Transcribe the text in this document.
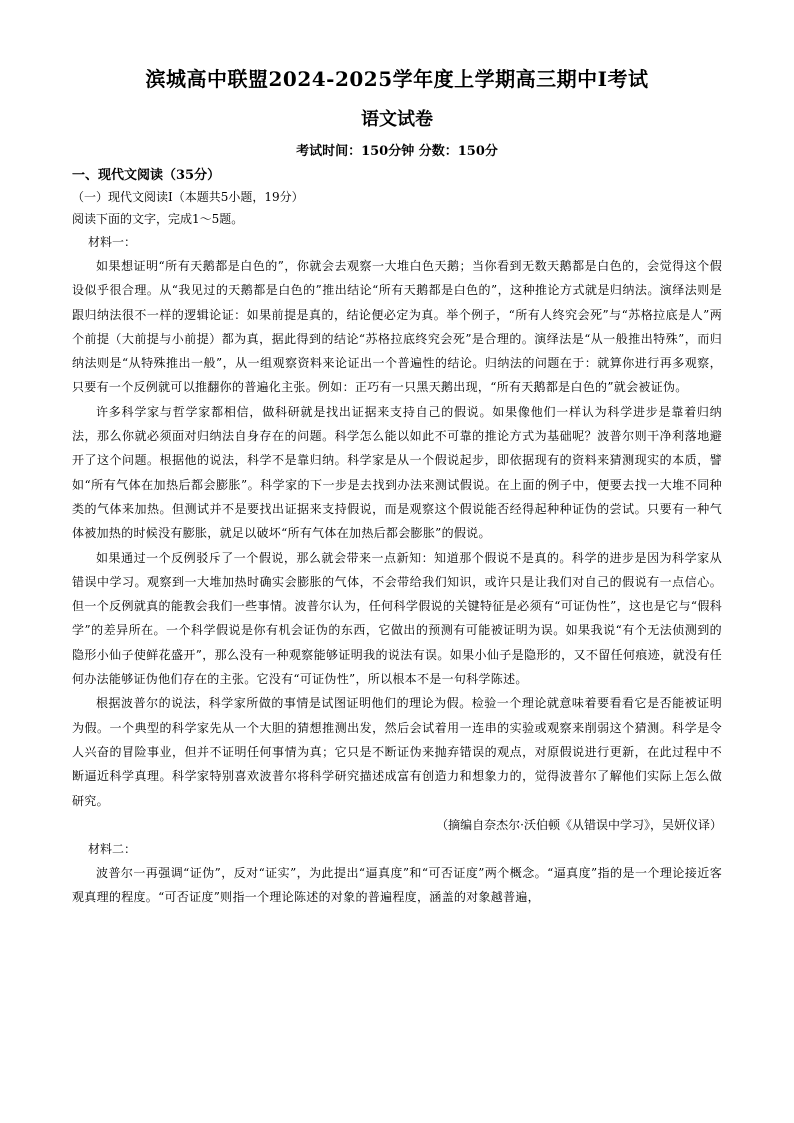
滨城高中联盟2024-2025学年度上学期高三期中Ⅰ考试
语文试卷

考试时间：150分钟 分数：150分

一、现代文阅读（35分）

（一）现代文阅读Ⅰ（本题共5小题，19分）

阅读下面的文字，完成1～5题。

材料一：

如果想证明“所有天鹅都是白色的”，你就会去观察一大堆白色天鹅；当你看到无数天鹅都是白色的，会觉得这个假设似乎很合理。从“我见过的天鹅都是白色的”推出结论“所有天鹅都是白色的”，这种推论方式就是归纳法。演绎法则是跟归纳法很不一样的逻辑论证：如果前提是真的，结论便必定为真。举个例子，“所有人终究会死”与“苏格拉底是人”两个前提（大前提与小前提）都为真，据此得到的结论“苏格拉底终究会死”是合理的。演绎法是“从一般推出特殊”，而归纳法则是“从特殊推出一般”，从一组观察资料来论证出一个普遍性的结论。归纳法的问题在于：就算你进行再多观察，只要有一个反例就可以推翻你的普遍化主张。例如：正巧有一只黑天鹅出现，“所有天鹅都是白色的”就会被证伪。

许多科学家与哲学家都相信，做科研就是找出证据来支持自己的假说。如果像他们一样认为科学进步是靠着归纳法，那么你就必须面对归纳法自身存在的问题。科学怎么能以如此不可靠的推论方式为基础呢？波普尔则干净利落地避开了这个问题。根据他的说法，科学不是靠归纳。科学家是从一个假说起步，即依据现有的资料来猜测现实的本质，譬如“所有气体在加热后都会膨胀”。科学家的下一步是去找到办法来测试假说。在上面的例子中，便要去找一大堆不同种类的气体来加热。但测试并不是要找出证据来支持假说，而是观察这个假说能否经得起种种证伪的尝试。只要有一种气体被加热的时候没有膨胀，就足以破坏“所有气体在加热后都会膨胀”的假说。

如果通过一个反例驳斥了一个假说，那么就会带来一点新知：知道那个假说不是真的。科学的进步是因为科学家从错误中学习。观察到一大堆加热时确实会膨胀的气体，不会带给我们知识，或许只是让我们对自己的假说有一点信心。但一个反例就真的能教会我们一些事情。波普尔认为，任何科学假说的关键特征是必须有“可证伪性”，这也是它与“假科学”的差异所在。一个科学假说是你有机会证伪的东西，它做出的预测有可能被证明为误。如果我说“有个无法侦测到的隐形小仙子使鲜花盛开”，那么没有一种观察能够证明我的说法有误。如果小仙子是隐形的，又不留任何痕迹，就没有任何办法能够证伪他们存在的主张。它没有“可证伪性”，所以根本不是一句科学陈述。

根据波普尔的说法，科学家所做的事情是试图证明他们的理论为假。检验一个理论就意味着要看看它是否能被证明为假。一个典型的科学家先从一个大胆的猜想推测出发，然后会试着用一连串的实验或观察来削弱这个猜测。科学是令人兴奋的冒险事业，但并不证明任何事情为真；它只是不断证伪来抛弃错误的观点，对原假说进行更新，在此过程中不断逼近科学真理。科学家特别喜欢波普尔将科学研究描述成富有创造力和想象力的，觉得波普尔了解他们实际上怎么做研究。

（摘编自奈杰尔·沃伯顿《从错误中学习》，吴妍仪译）

材料二：

波普尔一再强调“证伪”，反对“证实”，为此提出“逼真度”和“可否证度”两个概念。“逼真度”指的是一个理论接近客观真理的程度。“可否证度”则指一个理论陈述的对象的普遍程度，涵盖的对象越普遍，
